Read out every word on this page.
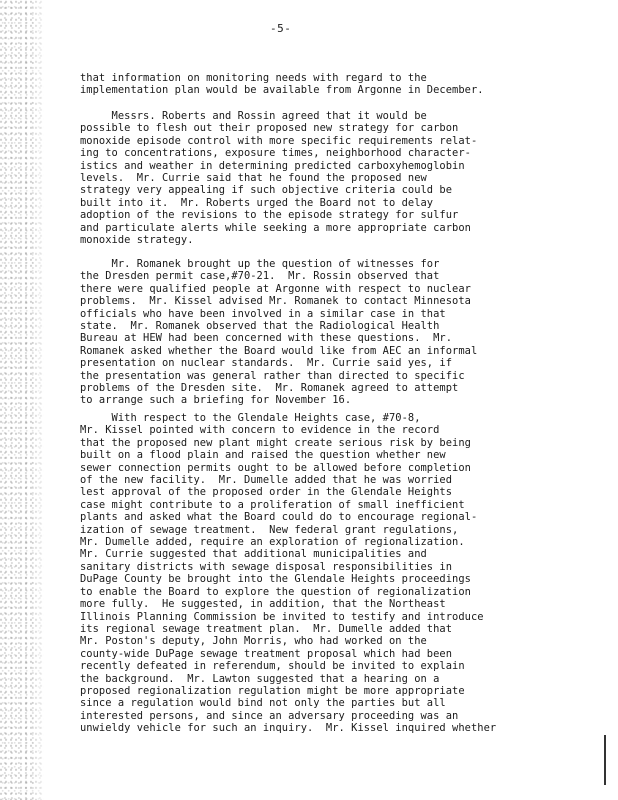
-5-
that information on monitoring needs with regard to the
implementation plan would be available from Argonne in December.
Messrs. Roberts and Rossin agreed that it would be
possible to flesh out their proposed new strategy for carbon
monoxide episode control with more specific requirements relat-
ing to concentrations, exposure times, neighborhood character-
istics and weather in determining predicted carboxyhemoglobin
levels.  Mr. Currie said that he found the proposed new
strategy very appealing if such objective criteria could be
built into it.  Mr. Roberts urged the Board not to delay
adoption of the revisions to the episode strategy for sulfur
and particulate alerts while seeking a more appropriate carbon
monoxide strategy.
Mr. Romanek brought up the question of witnesses for
the Dresden permit case,#70-21.  Mr. Rossin observed that
there were qualified people at Argonne with respect to nuclear
problems.  Mr. Kissel advised Mr. Romanek to contact Minnesota
officials who have been involved in a similar case in that
state.  Mr. Romanek observed that the Radiological Health
Bureau at HEW had been concerned with these questions.  Mr.
Romanek asked whether the Board would like from AEC an informal
presentation on nuclear standards.  Mr. Currie said yes, if
the presentation was general rather than directed to specific
problems of the Dresden site.  Mr. Romanek agreed to attempt
to arrange such a briefing for November 16.
With respect to the Glendale Heights case, #70-8,
Mr. Kissel pointed with concern to evidence in the record
that the proposed new plant might create serious risk by being
built on a flood plain and raised the question whether new
sewer connection permits ought to be allowed before completion
of the new facility.  Mr. Dumelle added that he was worried
lest approval of the proposed order in the Glendale Heights
case might contribute to a proliferation of small inefficient
plants and asked what the Board could do to encourage regional-
ization of sewage treatment.  New federal grant regulations,
Mr. Dumelle added, require an exploration of regionalization.
Mr. Currie suggested that additional municipalities and
sanitary districts with sewage disposal responsibilities in
DuPage County be brought into the Glendale Heights proceedings
to enable the Board to explore the question of regionalization
more fully.  He suggested, in addition, that the Northeast
Illinois Planning Commission be invited to testify and introduce
its regional sewage treatment plan.  Mr. Dumelle added that
Mr. Poston's deputy, John Morris, who had worked on the
county-wide DuPage sewage treatment proposal which had been
recently defeated in referendum, should be invited to explain
the background.  Mr. Lawton suggested that a hearing on a
proposed regionalization regulation might be more appropriate
since a regulation would bind not only the parties but all
interested persons, and since an adversary proceeding was an
unwieldy vehicle for such an inquiry.  Mr. Kissel inquired whether
